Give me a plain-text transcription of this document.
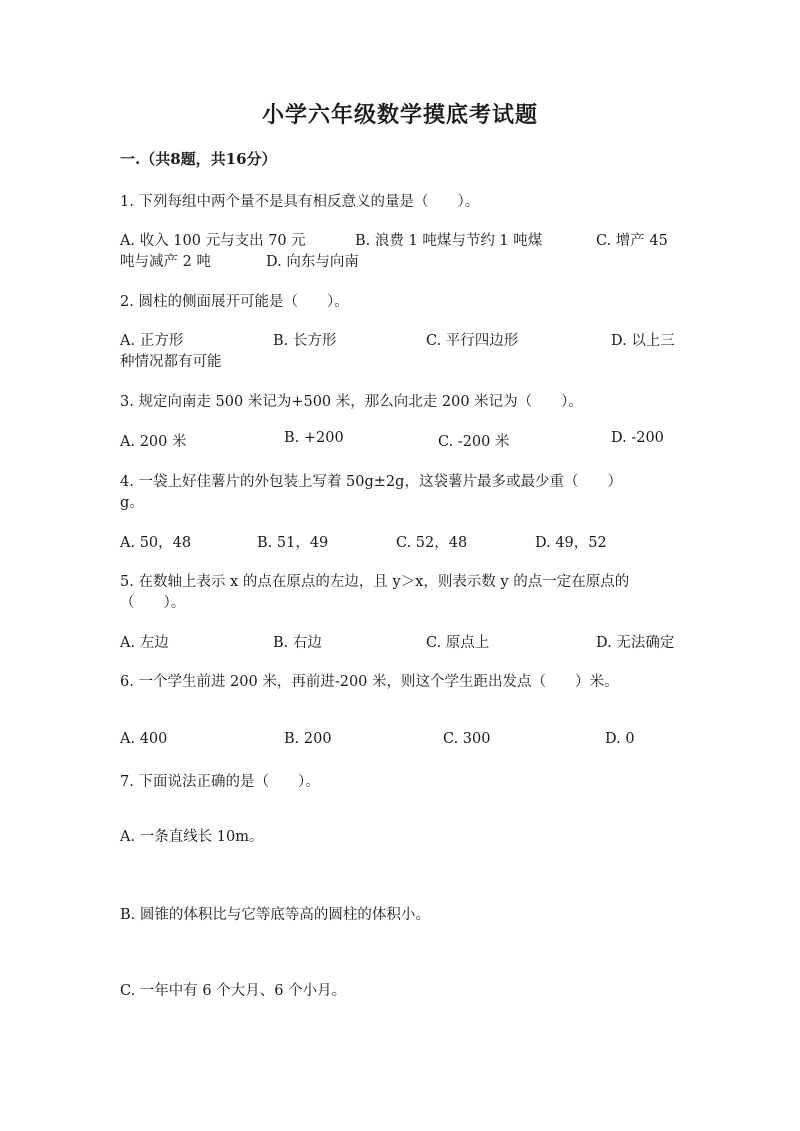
小学六年级数学摸底考试题
一.（共8题，共16分）
1. 下列每组中两个量不是具有相反意义的量是（　　）。
A. 收入 100 元与支出 70 元	B. 浪费 1 吨煤与节约 1 吨煤	C. 增产 45
吨与减产 2 吨	D. 向东与向南
2. 圆柱的侧面展开可能是（　　）。
A. 正方形	B. 长方形	C. 平行四边形	D. 以上三
种情况都有可能
3. 规定向南走 500 米记为+500 米，那么向北走 200 米记为（　　）。
A. 200 米	B. +200	C. -200 米	D. -200
4. 一袋上好佳薯片的外包装上写着 50g±2g，这袋薯片最多或最少重（　　）
g。
A. 50，48	B. 51，49	C. 52，48	D. 49，52
5. 在数轴上表示 x 的点在原点的左边，且 y＞x，则表示数 y 的点一定在原点的
（　　）。
A. 左边	B. 右边	C. 原点上	D. 无法确定
6. 一个学生前进 200 米，再前进-200 米，则这个学生距出发点（　　）米。
A. 400	B. 200	C. 300	D. 0
7. 下面说法正确的是（　　）。
A. 一条直线长 10m。
B. 圆锥的体积比与它等底等高的圆柱的体积小。
C. 一年中有 6 个大月、6 个小月。
